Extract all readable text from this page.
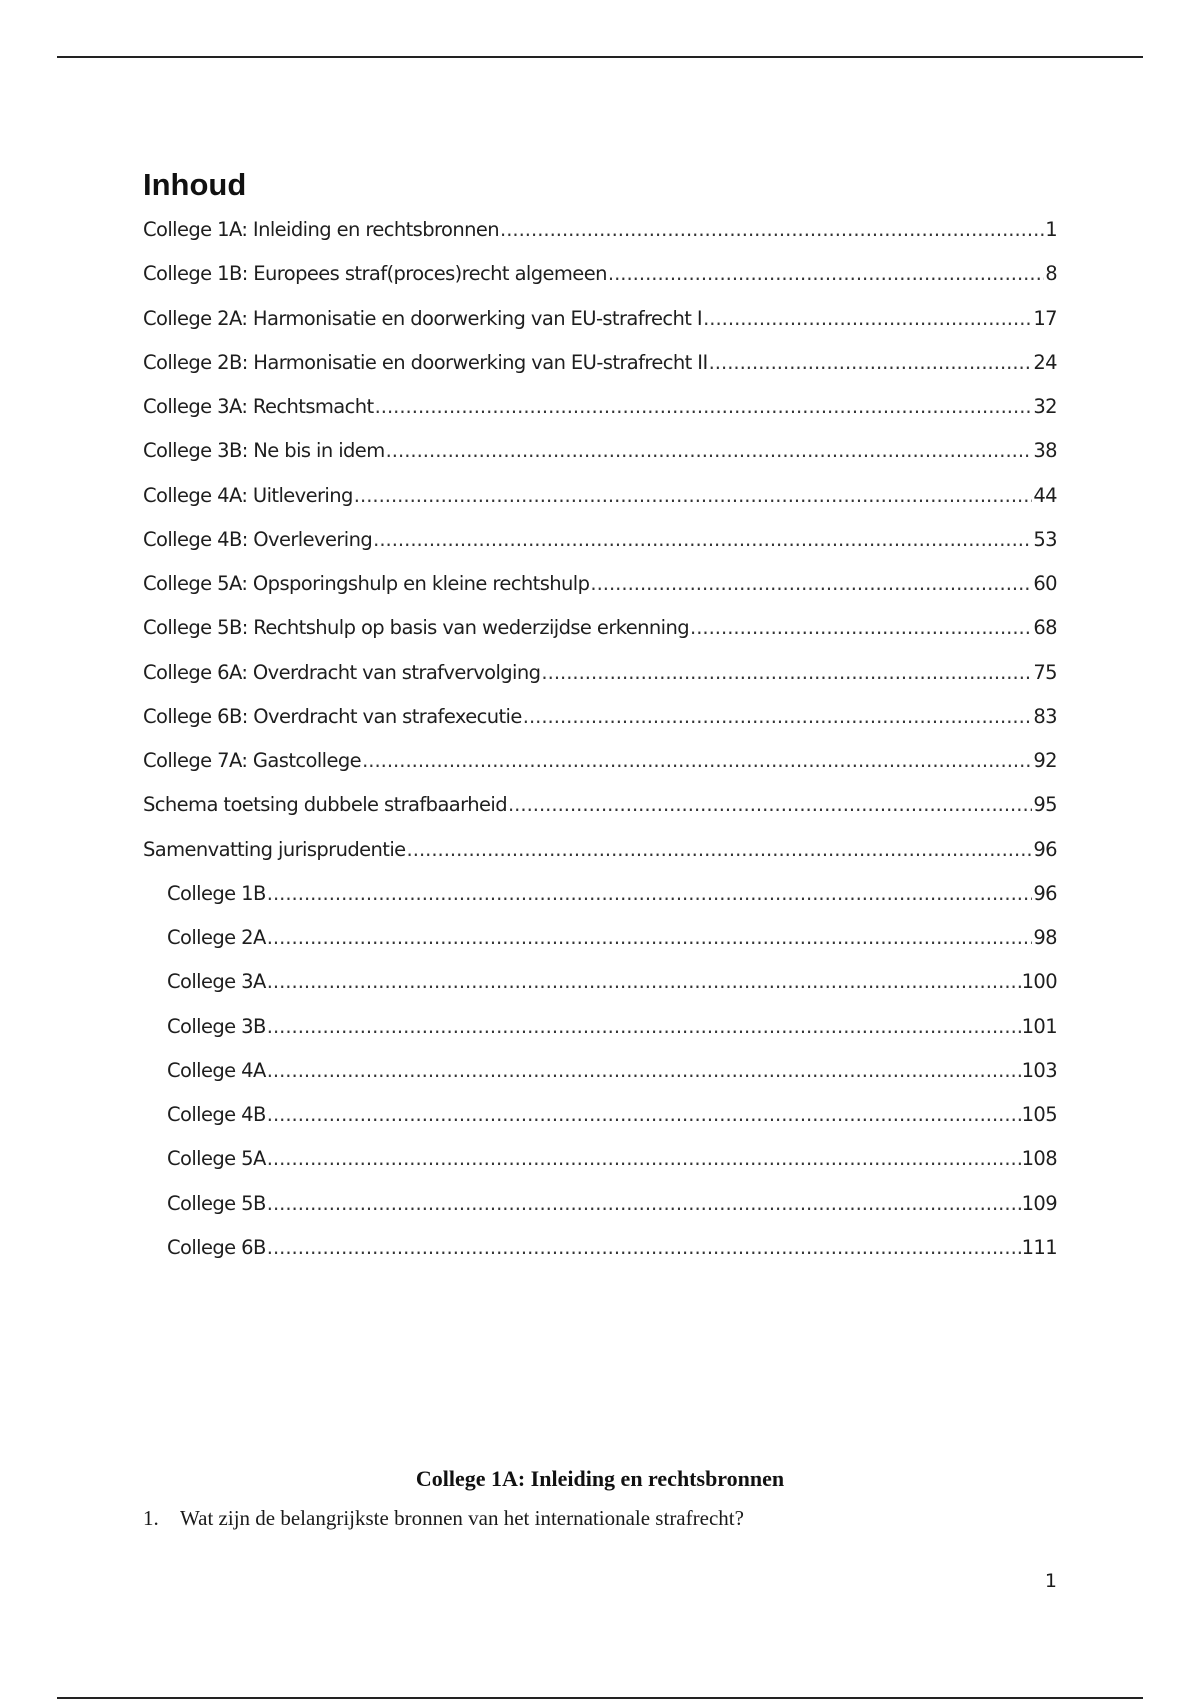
Inhoud
College 1A: Inleiding en rechtsbronnen .....	1
College 1B: Europees straf(proces)recht algemeen .....	8
College 2A: Harmonisatie en doorwerking van EU-strafrecht I .....	17
College 2B: Harmonisatie en doorwerking van EU-strafrecht II .....	24
College 3A: Rechtsmacht .....	32
College 3B: Ne bis in idem .....	38
College 4A: Uitlevering .....	44
College 4B: Overlevering .....	53
College 5A: Opsporingshulp en kleine rechtshulp .....	60
College 5B: Rechtshulp op basis van wederzijdse erkenning .....	68
College 6A: Overdracht van strafvervolging .....	75
College 6B: Overdracht van strafexecutie .....	83
College 7A: Gastcollege .....	92
Schema toetsing dubbele strafbaarheid .....	95
Samenvatting jurisprudentie .....	96
College 1B .....	96
College 2A .....	98
College 3A .....	100
College 3B .....	101
College 4A .....	103
College 4B .....	105
College 5A .....	108
College 5B .....	109
College 6B .....	111
College 1A: Inleiding en rechtsbronnen
1.	Wat zijn de belangrijkste bronnen van het internationale strafrecht?
1
